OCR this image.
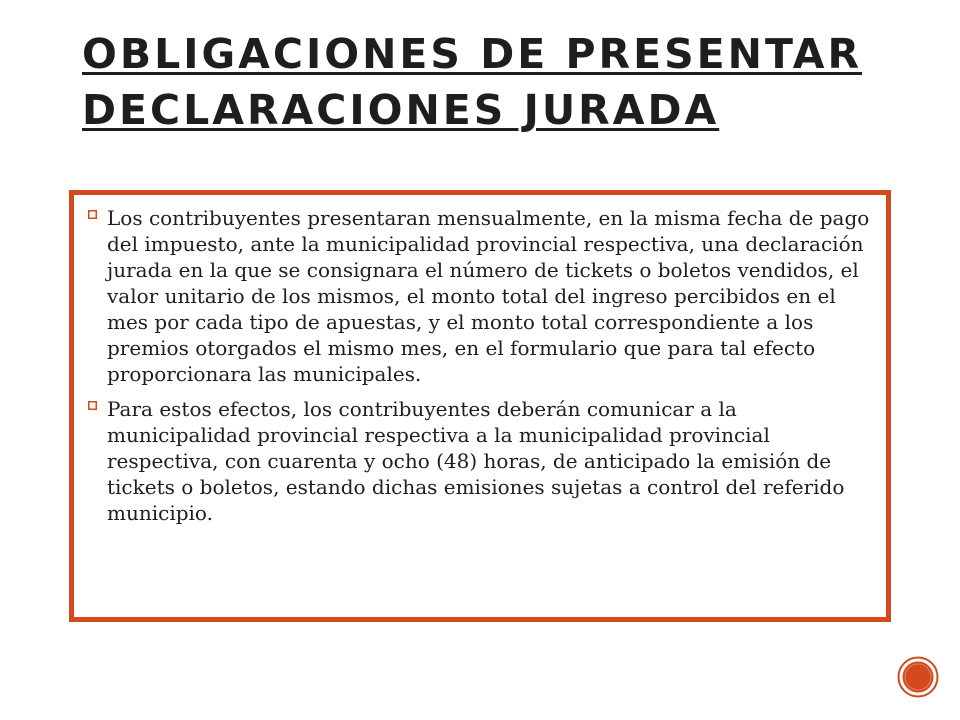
OBLIGACIONES DE PRESENTAR
DECLARACIONES JURADA
Los contribuyentes presentaran mensualmente, en la misma fecha de pago del impuesto, ante la municipalidad provincial respectiva, una declaración jurada en la que se consignara el número de tickets o boletos vendidos, el valor unitario de los mismos, el monto total del ingreso percibidos en el mes por cada tipo de apuestas, y el monto total correspondiente a los premios otorgados el mismo mes, en el formulario que para tal efecto proporcionara las municipales.
Para estos efectos, los contribuyentes deberán comunicar a la municipalidad provincial respectiva a la municipalidad provincial respectiva, con cuarenta y ocho (48) horas, de anticipado la emisión de tickets o boletos, estando dichas emisiones sujetas a control del referido municipio.
